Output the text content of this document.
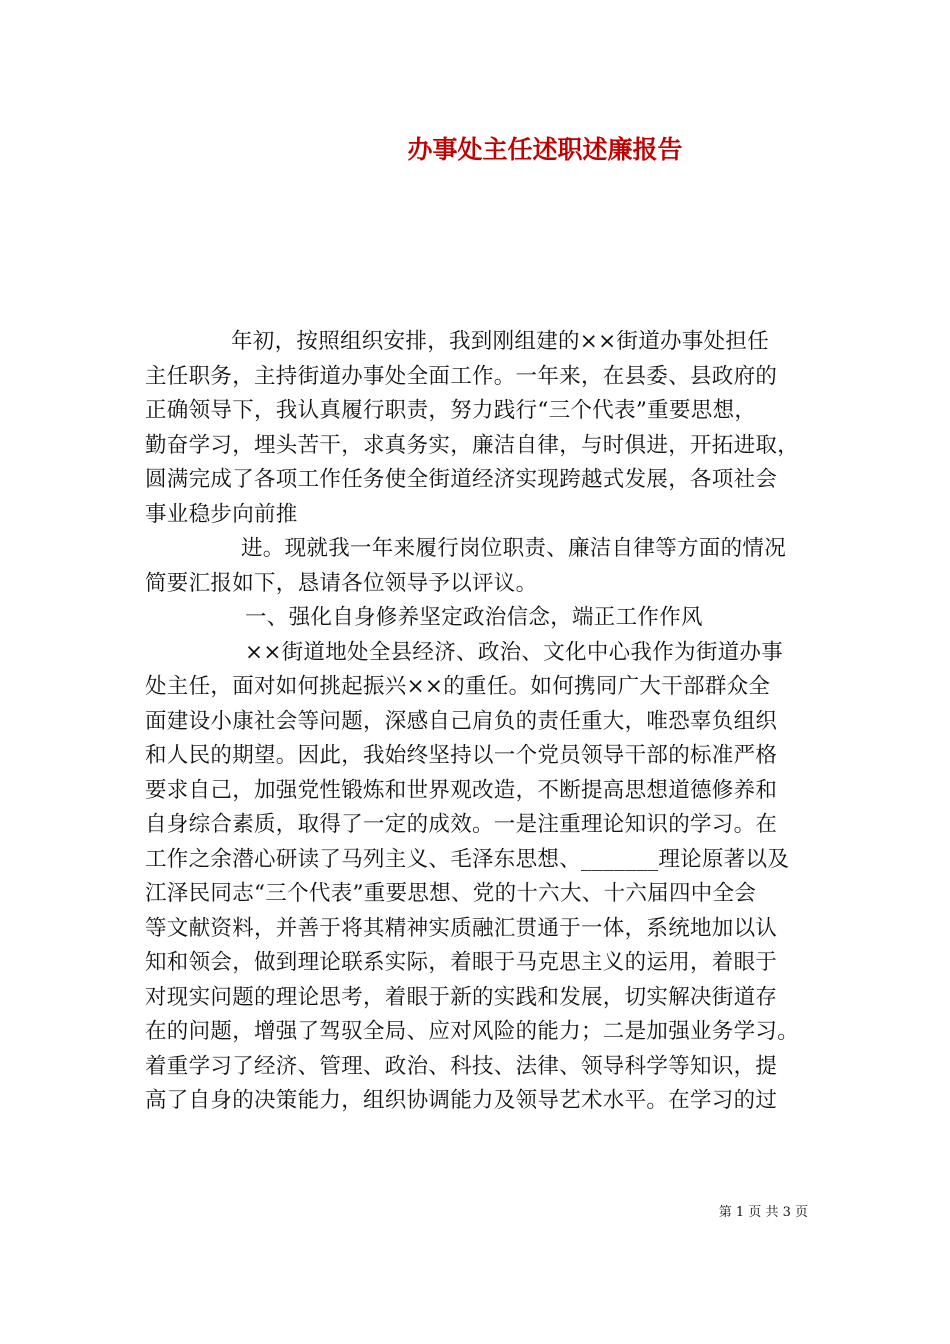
办事处主任述职述廉报告
年初，按照组织安排，我到刚组建的××街道办事处担任
主任职务，主持街道办事处全面工作。一年来，在县委、县政府的
正确领导下，我认真履行职责，努力践行“三个代表”重要思想，
勤奋学习，埋头苦干，求真务实，廉洁自律，与时俱进，开拓进取，
圆满完成了各项工作任务使全街道经济实现跨越式发展，各项社会
事业稳步向前推
进。现就我一年来履行岗位职责、廉洁自律等方面的情况
简要汇报如下，恳请各位领导予以评议。
一、强化自身修养坚定政治信念，端正工作作风
××街道地处全县经济、政治、文化中心我作为街道办事
处主任，面对如何挑起振兴××的重任。如何携同广大干部群众全
面建设小康社会等问题，深感自己肩负的责任重大，唯恐辜负组织
和人民的期望。因此，我始终坚持以一个党员领导干部的标准严格
要求自己，加强党性锻炼和世界观改造，不断提高思想道德修养和
自身综合素质，取得了一定的成效。一是注重理论知识的学习。在
工作之余潜心研读了马列主义、毛泽东思想、_______理论原著以及
江泽民同志“三个代表”重要思想、党的十六大、十六届四中全会
等文献资料，并善于将其精神实质融汇贯通于一体，系统地加以认
知和领会，做到理论联系实际，着眼于马克思主义的运用，着眼于
对现实问题的理论思考，着眼于新的实践和发展，切实解决街道存
在的问题，增强了驾驭全局、应对风险的能力；二是加强业务学习。
着重学习了经济、管理、政治、科技、法律、领导科学等知识，提
高了自身的决策能力，组织协调能力及领导艺术水平。在学习的过
第 1 页 共 3 页
